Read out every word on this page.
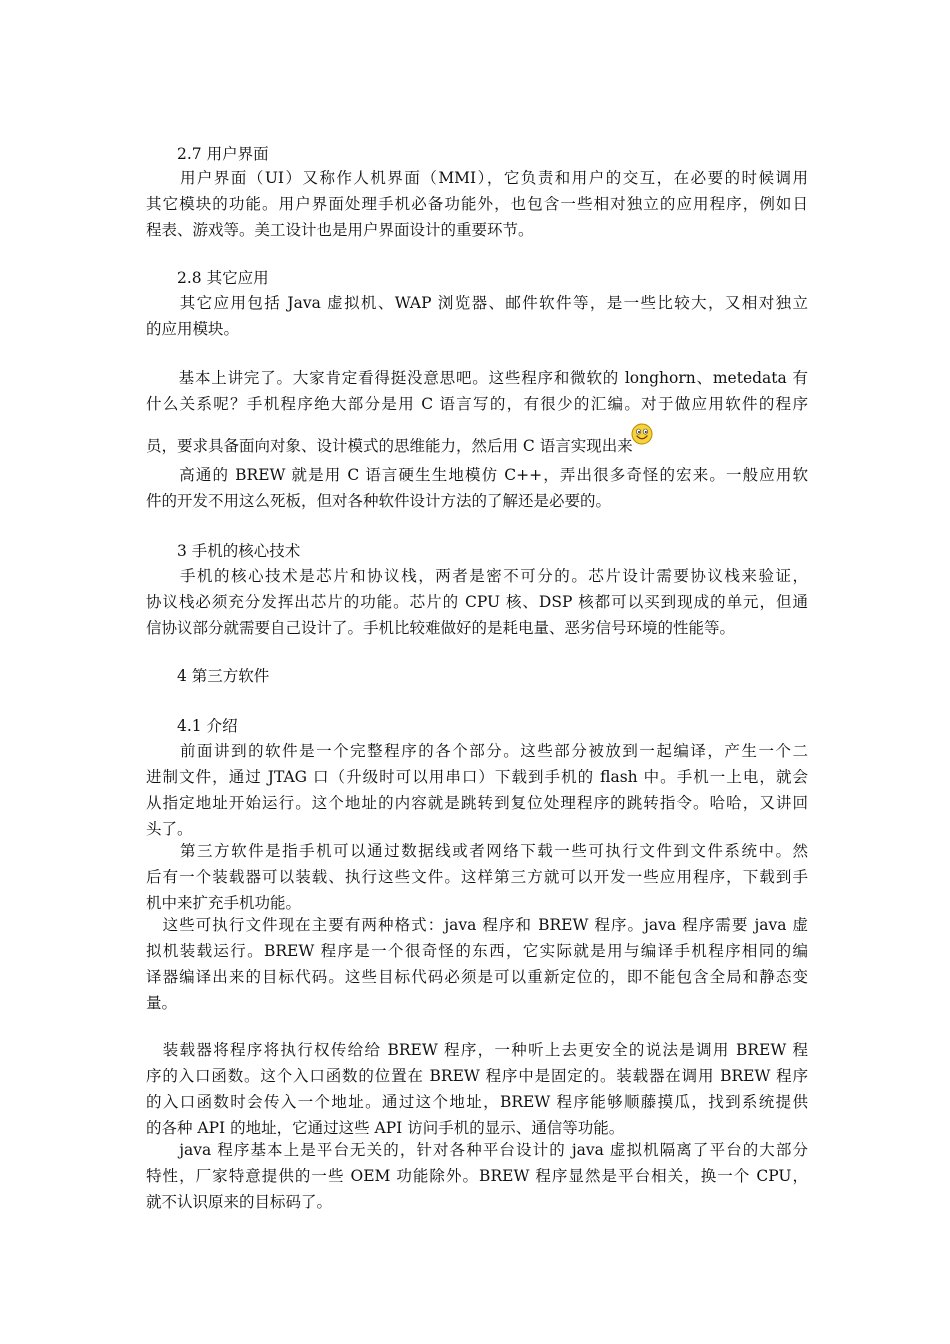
2.7 用户界面
　　用户界面（UI）又称作人机界面（MMI），它负责和用户的交互，在必要的时候调用
其它模块的功能。用户界面处理手机必备功能外，也包含一些相对独立的应用程序，例如日
程表、游戏等。美工设计也是用户界面设计的重要环节。
2.8 其它应用
　　其它应用包括 Java 虚拟机、WAP 浏览器、邮件软件等，是一些比较大，又相对独立
的应用模块。
　　基本上讲完了。大家肯定看得挺没意思吧。这些程序和微软的 longhorn、metedata 有
什么关系呢？手机程序绝大部分是用 C 语言写的，有很少的汇编。对于做应用软件的程序
员，要求具备面向对象、设计模式的思维能力，然后用 C 语言实现出来
　　高通的 BREW 就是用 C 语言硬生生地模仿 C++，弄出很多奇怪的宏来。一般应用软
件的开发不用这么死板，但对各种软件设计方法的了解还是必要的。
3 手机的核心技术
　　手机的核心技术是芯片和协议栈，两者是密不可分的。芯片设计需要协议栈来验证，
协议栈必须充分发挥出芯片的功能。芯片的 CPU 核、DSP 核都可以买到现成的单元，但通
信协议部分就需要自己设计了。手机比较难做好的是耗电量、恶劣信号环境的性能等。
4 第三方软件
4.1 介绍
　　前面讲到的软件是一个完整程序的各个部分。这些部分被放到一起编译，产生一个二
进制文件，通过 JTAG 口（升级时可以用串口）下载到手机的 flash 中。手机一上电，就会
从指定地址开始运行。这个地址的内容就是跳转到复位处理程序的跳转指令。哈哈，又讲回
头了。
　　第三方软件是指手机可以通过数据线或者网络下载一些可执行文件到文件系统中。然
后有一个装载器可以装载、执行这些文件。这样第三方就可以开发一些应用程序，下载到手
机中来扩充手机功能。
　这些可执行文件现在主要有两种格式：java 程序和 BREW 程序。java 程序需要 java 虚
拟机装载运行。BREW 程序是一个很奇怪的东西，它实际就是用与编译手机程序相同的编
译器编译出来的目标代码。这些目标代码必须是可以重新定位的，即不能包含全局和静态变
量。
　装载器将程序将执行权传给给 BREW 程序，一种听上去更安全的说法是调用 BREW 程
序的入口函数。这个入口函数的位置在 BREW 程序中是固定的。装载器在调用 BREW 程序
的入口函数时会传入一个地址。通过这个地址，BREW 程序能够顺藤摸瓜，找到系统提供
的各种 API 的地址，它通过这些 API 访问手机的显示、通信等功能。
　　java 程序基本上是平台无关的，针对各种平台设计的 java 虚拟机隔离了平台的大部分
特性，厂家特意提供的一些 OEM 功能除外。BREW 程序显然是平台相关，换一个 CPU，
就不认识原来的目标码了。
